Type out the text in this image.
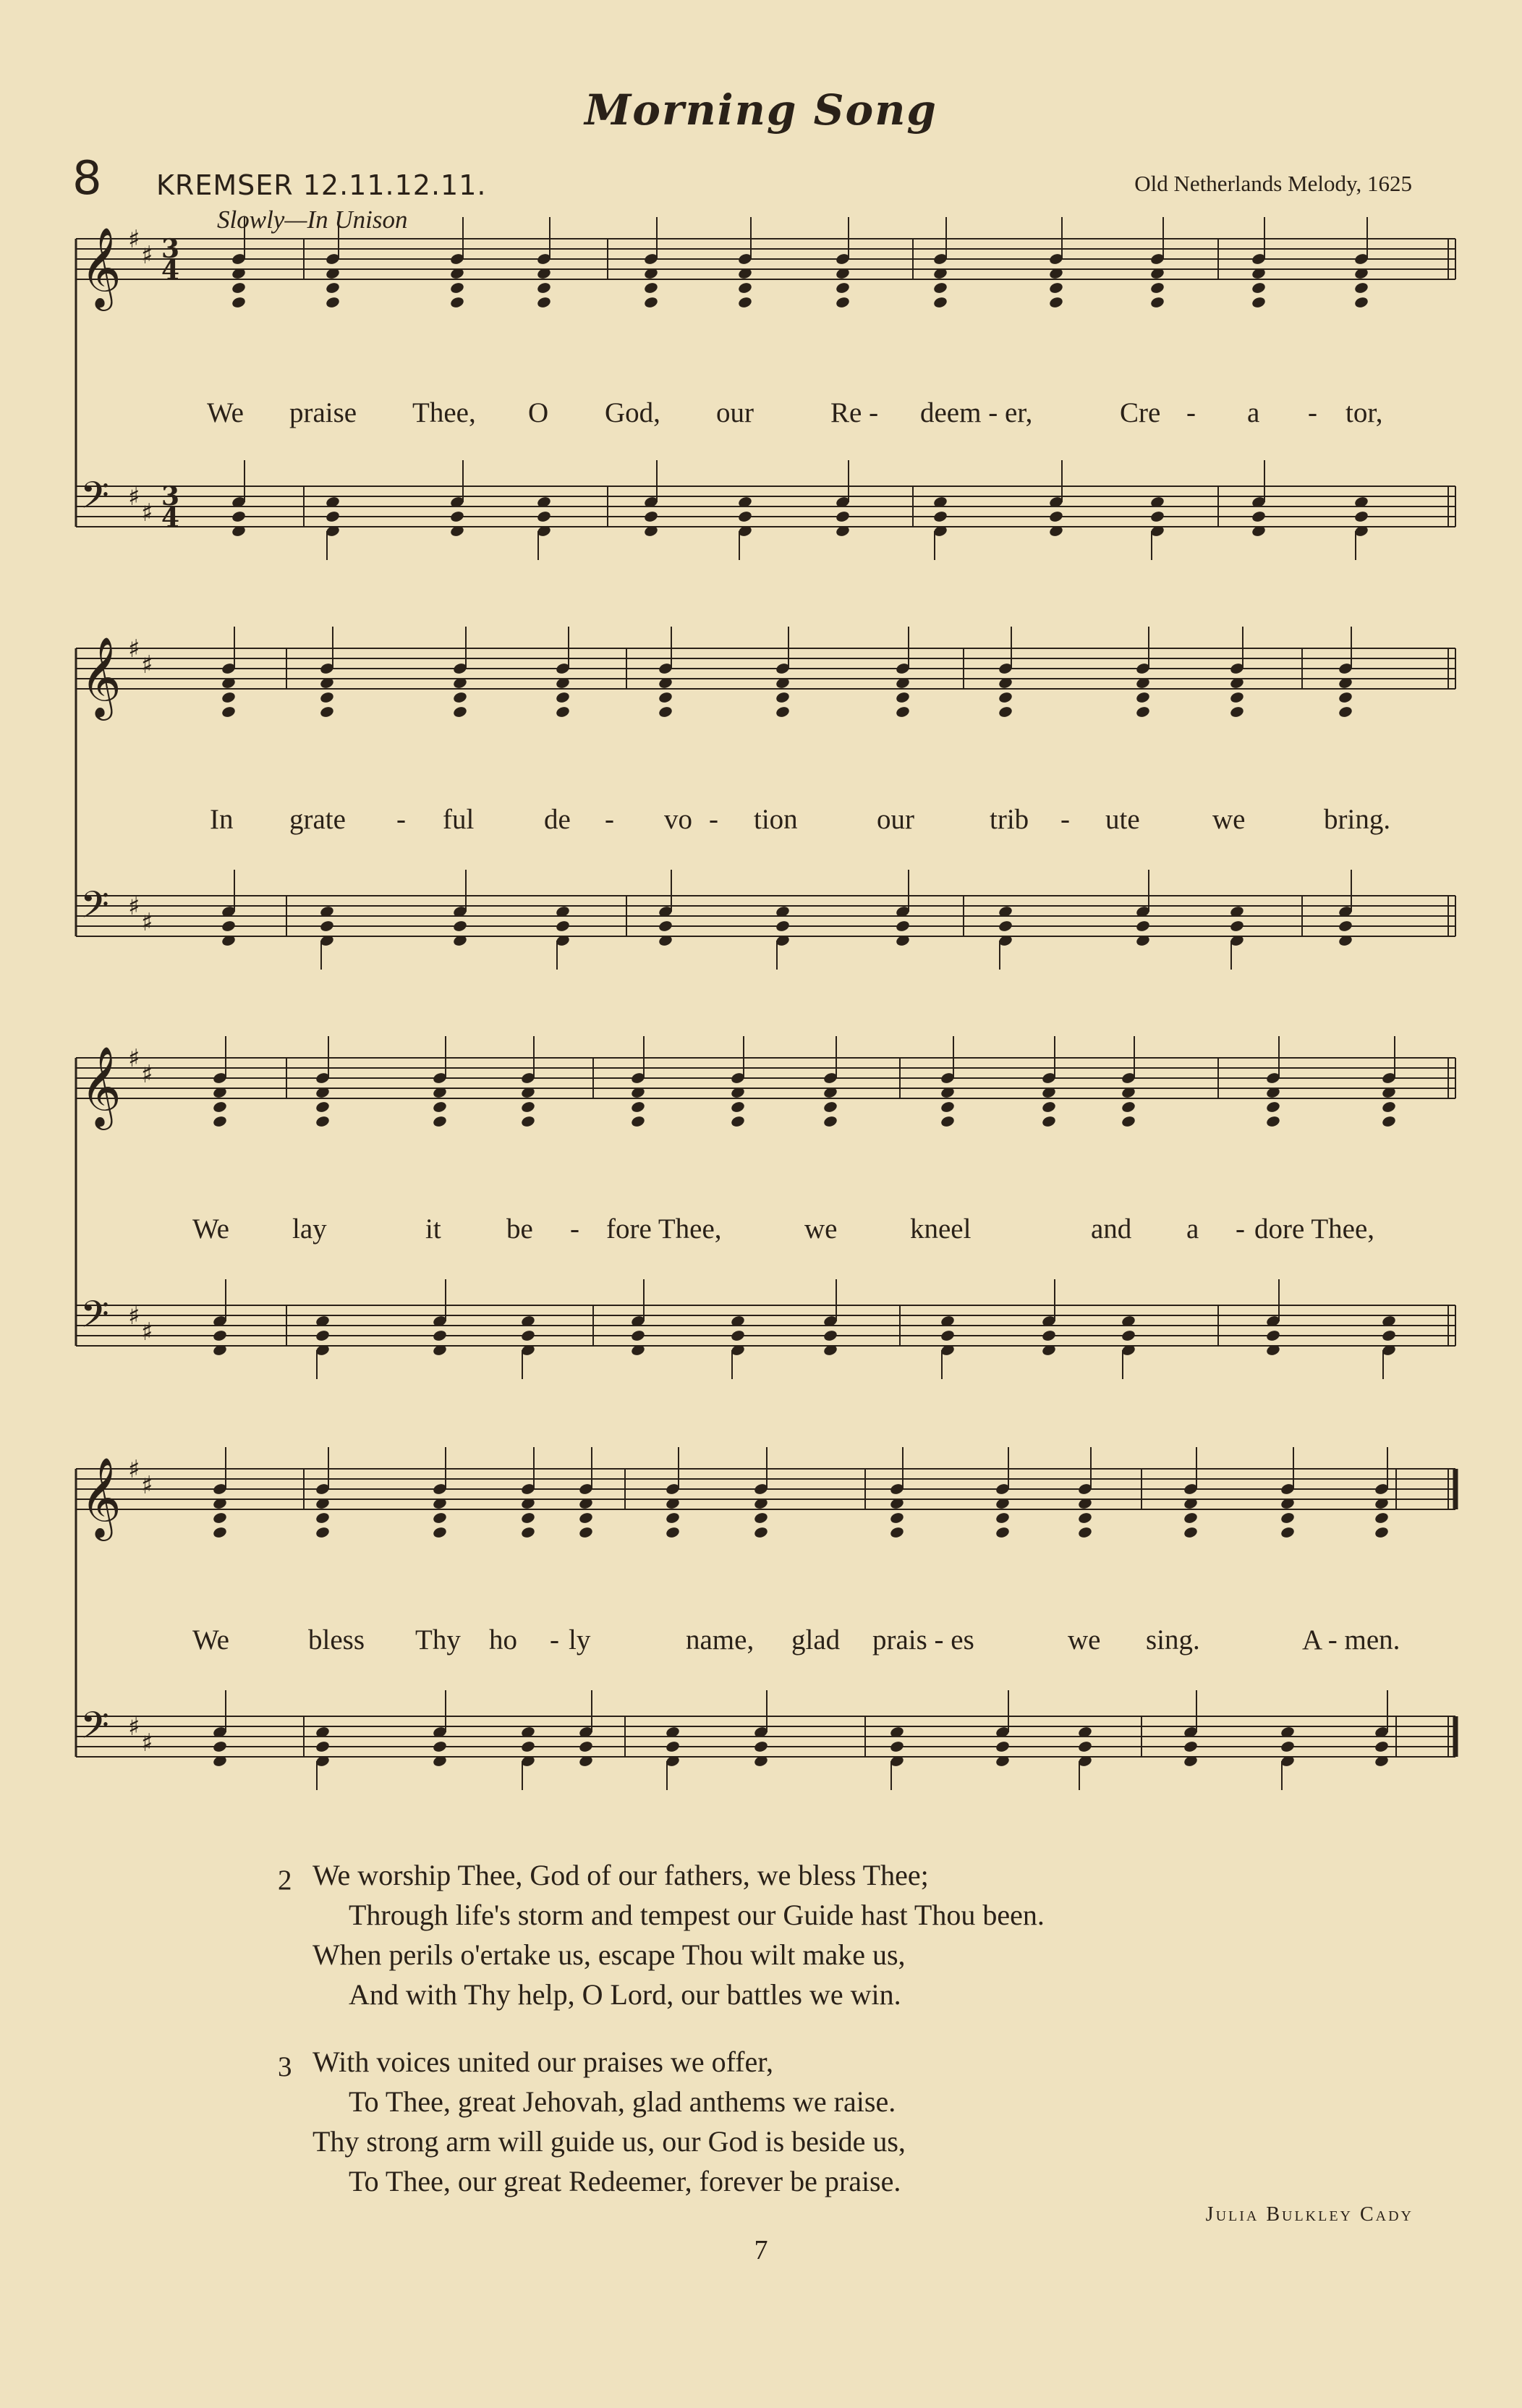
Morning Song
8 KREMSER 12.11.12.11.	Old Netherlands Melody, 1625
Slowly—In Unison
𝄞 ♯
♯ 3
4
𝄞 ♯
♯
𝄞 ♯
♯
𝄞 ♯
♯
𝄢 ♯
♯
3
4
𝄢 ♯
♯
𝄢 ♯
♯
𝄢 ♯
♯
We praise Thee, O God, our	Re - deem - er,	Cre - a - tor,
In grate - ful de - vo - tion	our	trib - ute	we	bring.
We lay	it be - fore Thee,	we	kneel	and a - dore Thee,
We	bless Thy ho - ly	name, glad prais - es	we sing.	A - men.
2 We worship Thee, God of our fathers, we bless Thee;
Through life's storm and tempest our Guide hast Thou been.
When perils o'ertake us, escape Thou wilt make us,
And with Thy help, O Lord, our battles we win.
3 With voices united our praises we offer,
To Thee, great Jehovah, glad anthems we raise.
Thy strong arm will guide us, our God is beside us,
To Thee, our great Redeemer, forever be praise.
Julia Bulkley Cady
7
